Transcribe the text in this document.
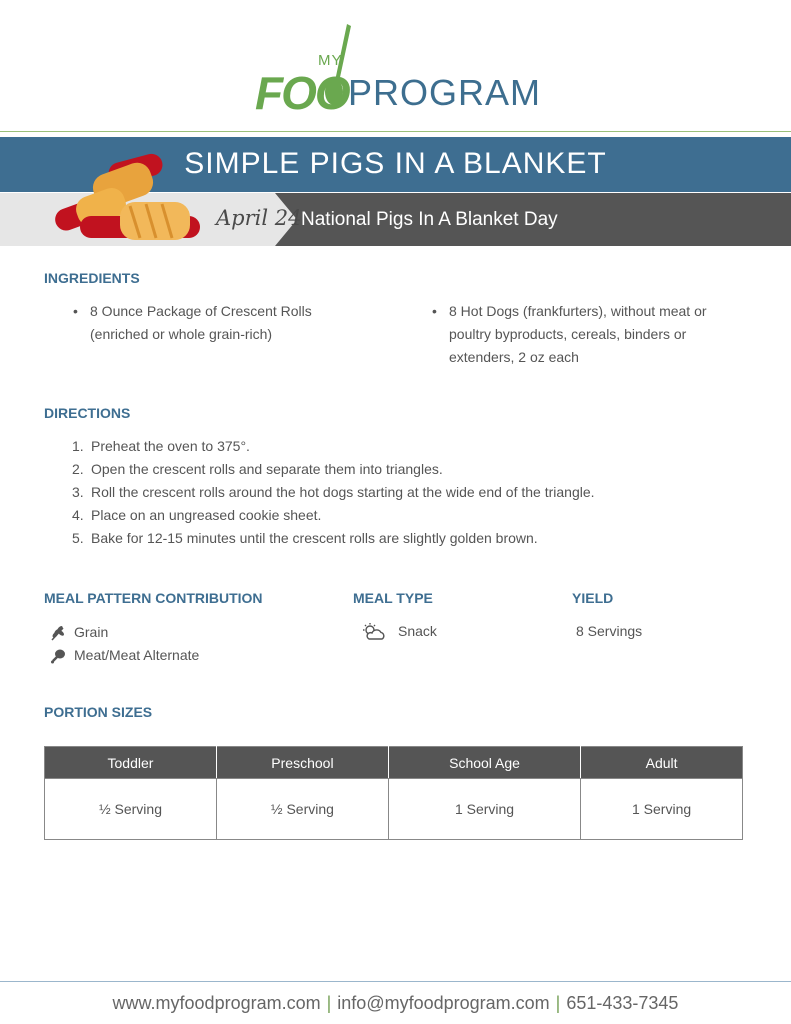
MY
FOO PROGRAM
SIMPLE PIGS IN A BLANKET
April 24 National Pigs In A Blanket Day
INGREDIENTS
• 8 Ounce Package of Crescent Rolls (enriched or whole grain-rich)
• 8 Hot Dogs (frankfurters), without meat or poultry byproducts, cereals, binders or extenders, 2 oz each
DIRECTIONS
1. Preheat the oven to 375°.
2. Open the crescent rolls and separate them into triangles.
3. Roll the crescent rolls around the hot dogs starting at the wide end of the triangle.
4. Place on an ungreased cookie sheet.
5. Bake for 12-15 minutes until the crescent rolls are slightly golden brown.
MEAL PATTERN CONTRIBUTION
Grain
Meat/Meat Alternate
MEAL TYPE
Snack
YIELD
8 Servings
PORTION SIZES
Toddler	Preschool	School Age	Adult
½ Serving	½ Serving	1 Serving	1 Serving
www.myfoodprogram.com | info@myfoodprogram.com | 651-433-7345
